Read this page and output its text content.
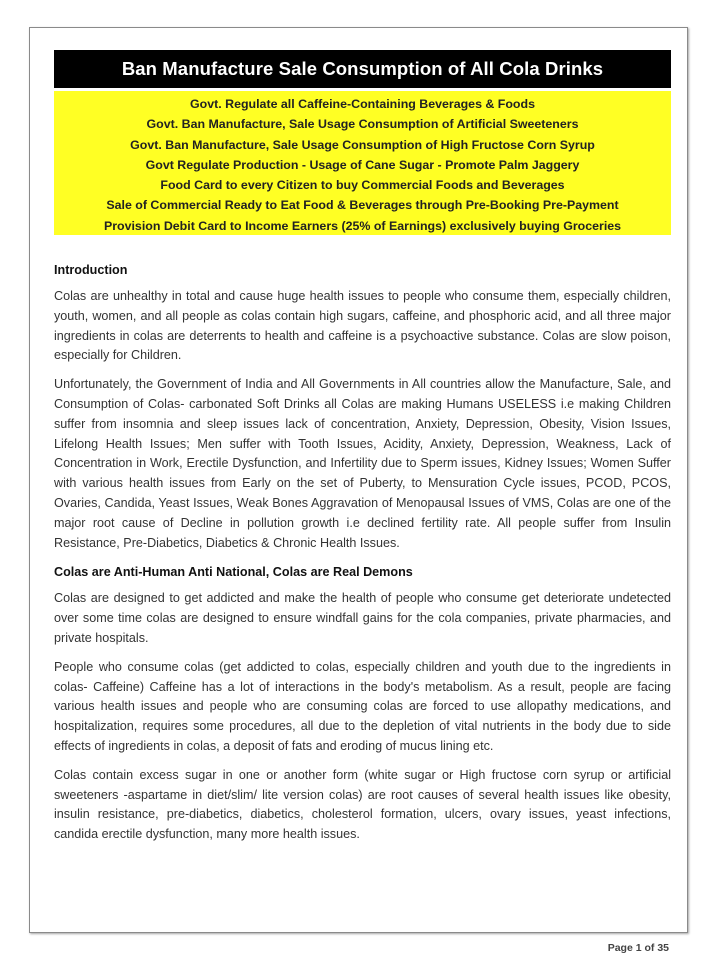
Ban Manufacture Sale Consumption of All Cola Drinks
Govt. Regulate all Caffeine-Containing Beverages & Foods
Govt. Ban Manufacture, Sale Usage Consumption of Artificial Sweeteners
Govt. Ban Manufacture, Sale Usage Consumption of High Fructose Corn Syrup
Govt Regulate Production - Usage of Cane Sugar - Promote Palm Jaggery
Food Card to every Citizen to buy Commercial Foods and Beverages
Sale of Commercial Ready to Eat Food & Beverages through Pre-Booking Pre-Payment
Provision Debit Card to Income Earners (25% of Earnings) exclusively buying Groceries
Introduction

Colas are unhealthy in total and cause huge health issues to people who consume them, especially children, youth, women, and all people as colas contain high sugars, caffeine, and phosphoric acid, and all three major ingredients in colas are deterrents to health and caffeine is a psychoactive substance. Colas are slow poison, especially for Children.

Unfortunately, the Government of India and All Governments in All countries allow the Manufacture, Sale, and Consumption of Colas- carbonated Soft Drinks all Colas are making Humans USELESS i.e making Children suffer from insomnia and sleep issues lack of concentration, Anxiety, Depression, Obesity, Vision Issues, Lifelong Health Issues; Men suffer with Tooth Issues, Acidity, Anxiety, Depression, Weakness, Lack of Concentration in Work, Erectile Dysfunction, and Infertility due to Sperm issues, Kidney Issues; Women Suffer with various health issues from Early on the set of Puberty, to Mensuration Cycle issues, PCOD, PCOS, Ovaries, Candida, Yeast Issues, Weak Bones Aggravation of Menopausal Issues of VMS, Colas are one of the major root cause of Decline in pollution growth i.e declined fertility rate. All people suffer from Insulin Resistance, Pre-Diabetics, Diabetics & Chronic Health Issues.

Colas are Anti-Human Anti National, Colas are Real Demons

Colas are designed to get addicted and make the health of people who consume get deteriorate undetected over some time colas are designed to ensure windfall gains for the cola companies, private pharmacies, and private hospitals.

People who consume colas (get addicted to colas, especially children and youth due to the ingredients in colas- Caffeine) Caffeine has a lot of interactions in the body's metabolism. As a result, people are facing various health issues and people who are consuming colas are forced to use allopathy medications, and hospitalization, requires some procedures, all due to the depletion of vital nutrients in the body due to side effects of ingredients in colas, a deposit of fats and eroding of mucus lining etc.

Colas contain excess sugar in one or another form (white sugar or High fructose corn syrup or artificial sweeteners -aspartame in diet/slim/ lite version colas) are root causes of several health issues like obesity, insulin resistance, pre-diabetics, diabetics, cholesterol formation, ulcers, ovary issues, yeast infections, candida erectile dysfunction, many more health issues.

Page 1 of 35
